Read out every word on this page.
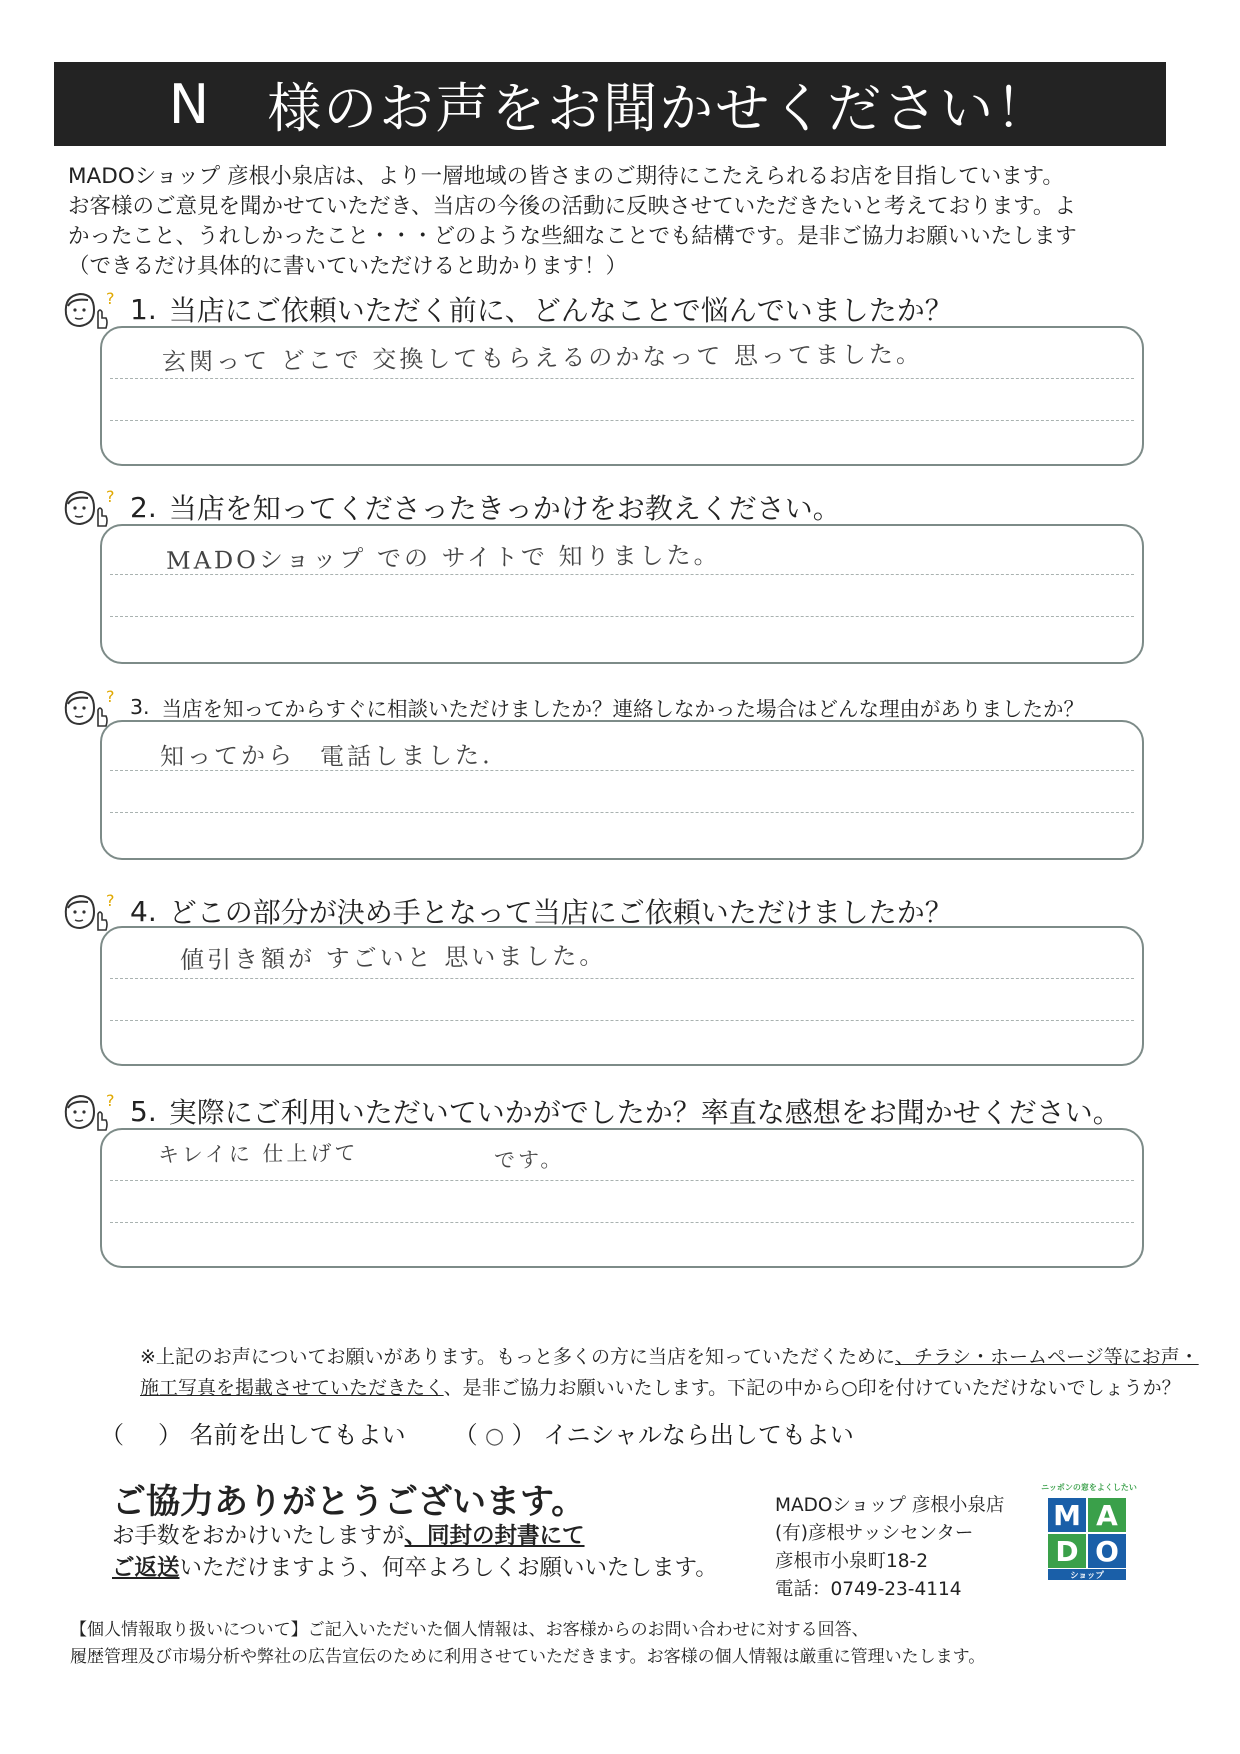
N 様のお声をお聞かせください！
MADOショップ 彦根小泉店は、より一層地域の皆さまのご期待にこたえられるお店を目指しています。
お客様のご意見を聞かせていただき、当店の今後の活動に反映させていただきたいと考えております。よ
かったこと、うれしかったこと・・・どのような些細なことでも結構です。是非ご協力お願いいたします
（できるだけ具体的に書いていただけると助かります！）
? 1. 当店にご依頼いただく前に、どんなことで悩んでいましたか？
玄関って どこで 交換してもらえるのかなって 思ってました。
? 2. 当店を知ってくださったきっかけをお教えください。
MADOショップ での サイトで 知りました。
? 3. 当店を知ってからすぐに相談いただけましたか？連絡しなかった場合はどんな理由がありましたか？
知ってから 電話しました.
? 4. どこの部分が決め手となって当店にご依頼いただけましたか？
値引き額が すごいと 思いました。
? 5. 実際にご利用いただいていかがでしたか？率直な感想をお聞かせください。
キレイに 仕上げて	です。
※上記のお声についてお願いがあります。もっと多くの方に当店を知っていただくために、チラシ・ホームページ等にお声・
施工写真を掲載させていただきたく、是非ご協力お願いいたします。下記の中から○印を付けていただけないでしょうか？
（ ） 名前を出してもよい （ ○ ） イニシャルなら出してもよい
ご協力ありがとうございます。
お手数をおかけいたしますが、同封の封書にて
ご返送いただけますよう、何卒よろしくお願いいたします。
MADOショップ 彦根小泉店
(有)彦根サッシセンター
彦根市小泉町18-2
電話：0749-23-4114
ニッポンの窓をよくしたい
M A
D O
ショップ
【個人情報取り扱いについて】ご記入いただいた個人情報は、お客様からのお問い合わせに対する回答、
履歴管理及び市場分析や弊社の広告宣伝のために利用させていただきます。お客様の個人情報は厳重に管理いたします。
